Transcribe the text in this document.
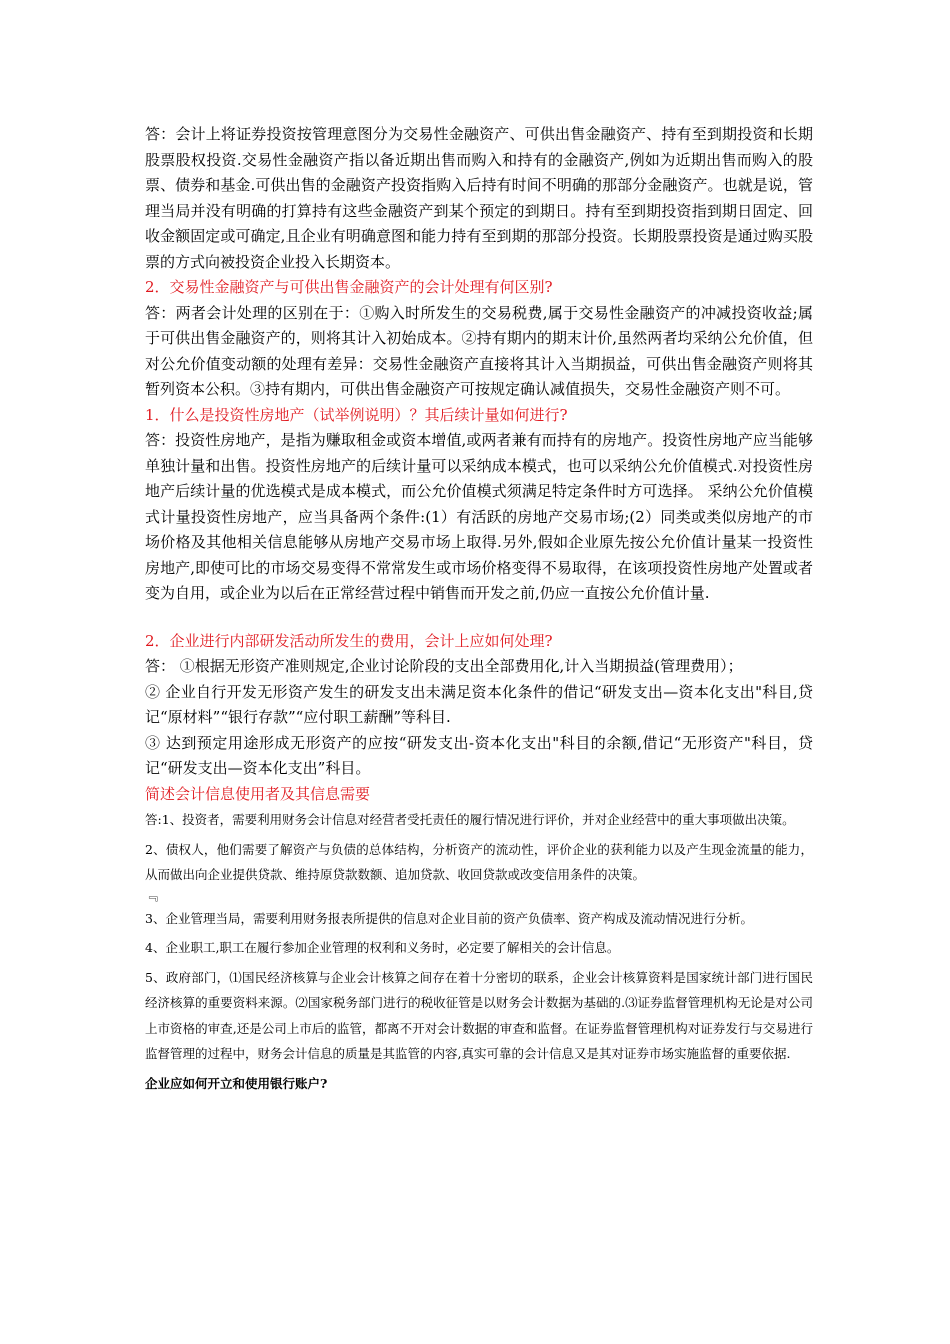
答：会计上将证券投资按管理意图分为交易性金融资产、可供出售金融资产、持有至到期投资和长期股票股权投资.交易性金融资产指以备近期出售而购入和持有的金融资产,例如为近期出售而购入的股票、债券和基金.可供出售的金融资产投资指购入后持有时间不明确的那部分金融资产。也就是说，管理当局并没有明确的打算持有这些金融资产到某个预定的到期日。持有至到期投资指到期日固定、回收金额固定或可确定,且企业有明确意图和能力持有至到期的那部分投资。长期股票投资是通过购买股票的方式向被投资企业投入长期资本。

2．交易性金融资产与可供出售金融资产的会计处理有何区别?

答：两者会计处理的区别在于：①购入时所发生的交易税费,属于交易性金融资产的冲减投资收益;属于可供出售金融资产的，则将其计入初始成本。②持有期内的期末计价,虽然两者均采纳公允价值，但对公允价值变动额的处理有差异：交易性金融资产直接将其计入当期损益，可供出售金融资产则将其暂列资本公积。③持有期内，可供出售金融资产可按规定确认减值损失，交易性金融资产则不可。

1．什么是投资性房地产（试举例说明）？其后续计量如何进行?

答：投资性房地产，是指为赚取租金或资本增值,或两者兼有而持有的房地产。投资性房地产应当能够单独计量和出售。投资性房地产的后续计量可以采纳成本模式，也可以采纳公允价值模式.对投资性房地产后续计量的优选模式是成本模式，而公允价值模式须满足特定条件时方可选择。 采纳公允价值模式计量投资性房地产，应当具备两个条件:(1）有活跃的房地产交易市场;(2）同类或类似房地产的市场价格及其他相关信息能够从房地产交易市场上取得.另外,假如企业原先按公允价值计量某一投资性房地产,即使可比的市场交易变得不常常发生或市场价格变得不易取得，在该项投资性房地产处置或者变为自用，或企业为以后在正常经营过程中销售而开发之前,仍应一直按公允价值计量.

2．企业进行内部研发活动所发生的费用，会计上应如何处理?

答： ①根据无形资产准则规定,企业讨论阶段的支出全部费用化,计入当期损益(管理费用）；

② 企业自行开发无形资产发生的研发支出未满足资本化条件的借记“研发支出—资本化支出"科目,贷记“原材料”“银行存款”“应付职工薪酬”等科目.

③ 达到预定用途形成无形资产的应按“研发支出-资本化支出"科目的余额,借记“无形资产"科目，贷记“研发支出—资本化支出”科目。

简述会计信息使用者及其信息需要

答:1、投资者，需要利用财务会计信息对经营者受托责任的履行情况进行评价，并对企业经营中的重大事项做出决策。

2、债权人，他们需要了解资产与负债的总体结构，分析资产的流动性，评价企业的获利能力以及产生现金流量的能力，从而做出向企业提供贷款、维持原贷款数额、追加贷款、收回贷款或改变信用条件的决策。

﹃

3、企业管理当局，需要利用财务报表所提供的信息对企业目前的资产负债率、资产构成及流动情况进行分析。

4、企业职工,职工在履行参加企业管理的权利和义务时，必定要了解相关的会计信息。

5、政府部门，⑴国民经济核算与企业会计核算之间存在着十分密切的联系，企业会计核算资料是国家统计部门进行国民经济核算的重要资料来源。⑵国家税务部门进行的税收征管是以财务会计数据为基础的.⑶证券监督管理机构无论是对公司上市资格的审查,还是公司上市后的监管，都离不开对会计数据的审查和监督。在证券监督管理机构对证券发行与交易进行监督管理的过程中，财务会计信息的质量是其监管的内容,真实可靠的会计信息又是其对证券市场实施监督的重要依据.

企业应如何开立和使用银行账户?
